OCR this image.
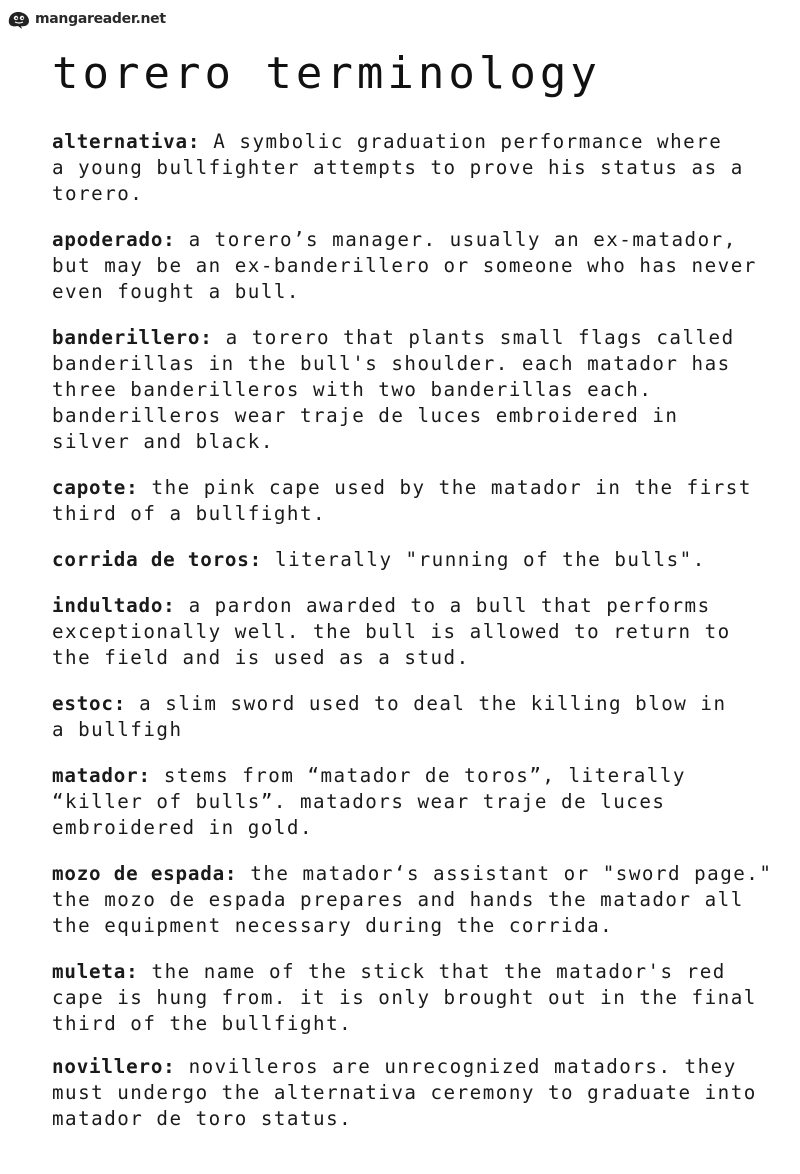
mangareader.net
torero terminology

alternativa: A symbolic graduation performance where
a young bullfighter attempts to prove his status as a
torero.

apoderado: a torero’s manager. usually an ex-matador,
but may be an ex-banderillero or someone who has never
even fought a bull.

banderillero: a torero that plants small flags called
banderillas in the bull's shoulder. each matador has
three banderilleros with two banderillas each.
banderilleros wear traje de luces embroidered in
silver and black.

capote: the pink cape used by the matador in the first
third of a bullfight.

corrida de toros: literally "running of the bulls".

indultado: a pardon awarded to a bull that performs
exceptionally well. the bull is allowed to return to
the field and is used as a stud.

estoc: a slim sword used to deal the killing blow in
a bullfigh

matador: stems from “matador de toros”, literally
“killer of bulls”. matadors wear traje de luces
embroidered in gold.

mozo de espada: the matador‘s assistant or "sword page."
the mozo de espada prepares and hands the matador all
the equipment necessary during the corrida.

muleta: the name of the stick that the matador's red
cape is hung from. it is only brought out in the final
third of the bullfight.

novillero: novilleros are unrecognized matadors. they
must undergo the alternativa ceremony to graduate into
matador de toro status.
